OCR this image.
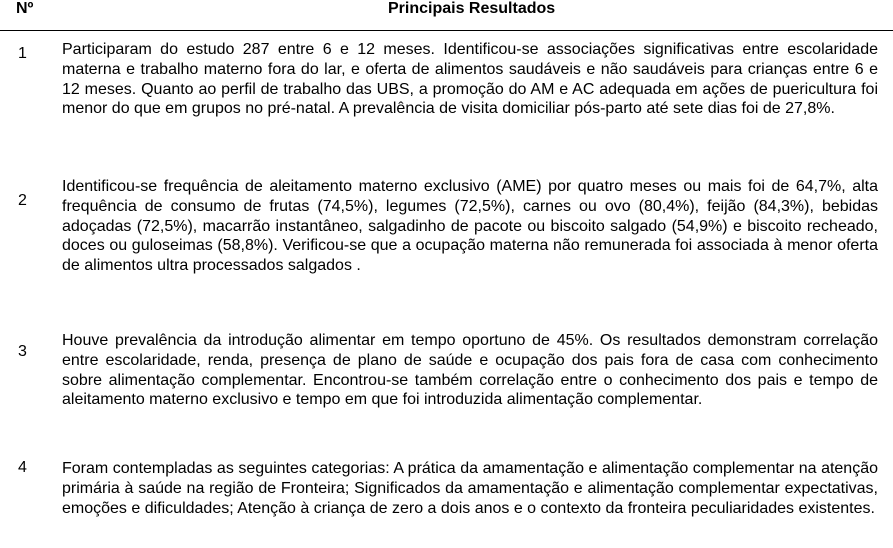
Nº	Principais Resultados
1 Participaram do estudo 287 entre 6 e 12 meses. Identificou-se associações significativas entre escolaridade materna e trabalho materno fora do lar, e oferta de alimentos saudáveis e não saudáveis para crianças entre 6 e 12 meses. Quanto ao perfil de trabalho das UBS, a promoção do AM e AC adequada em ações de puericultura foi menor do que em grupos no pré-natal. A prevalência de visita domiciliar pós-parto até sete dias foi de 27,8%.
2
Identificou-se frequência de aleitamento materno exclusivo (AME) por quatro meses ou mais foi de 64,7%, alta frequência de consumo de frutas (74,5%), legumes (72,5%), carnes ou ovo (80,4%), feijão (84,3%), bebidas adoçadas (72,5%), macarrão instantâneo, salgadinho de pacote ou biscoito salgado (54,9%) e biscoito recheado, doces ou guloseimas (58,8%). Verificou-se que a ocupação materna não remunerada foi associada à menor oferta de alimentos ultra processados salgados .
3
Houve prevalência da introdução alimentar em tempo oportuno de 45%. Os resultados demonstram correlação entre escolaridade, renda, presença de plano de saúde e ocupação dos pais fora de casa com conhecimento sobre alimentação complementar. Encontrou-se também correlação entre o conhecimento dos pais e tempo de aleitamento materno exclusivo e tempo em que foi introduzida alimentação complementar.
4 Foram contempladas as seguintes categorias: A prática da amamentação e alimentação complementar na atenção primária à saúde na região de Fronteira; Significados da amamentação e alimentação complementar expectativas, emoções e dificuldades; Atenção à criança de zero a dois anos e o contexto da fronteira peculiaridades existentes.
